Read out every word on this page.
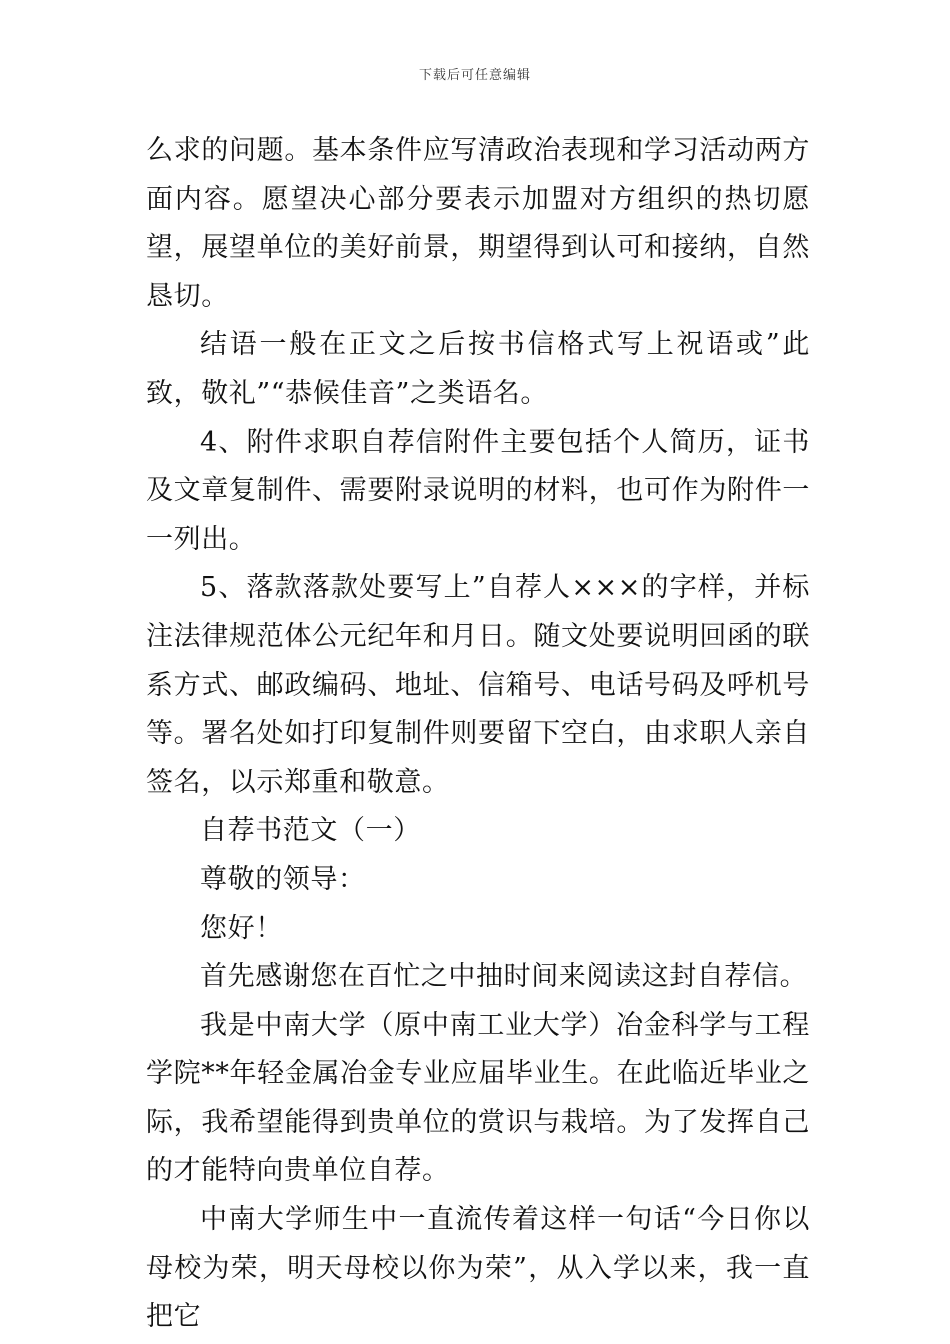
下载后可任意编辑

么求的问题。基本条件应写清政治表现和学习活动两方面内容。愿望决心部分要表示加盟对方组织的热切愿望，展望单位的美好前景，期望得到认可和接纳，自然恳切。

结语一般在正文之后按书信格式写上祝语或”此致，敬礼”“恭候佳音”之类语名。

4、附件求职自荐信附件主要包括个人简历，证书及文章复制件、需要附录说明的材料，也可作为附件一一列出。

5、落款落款处要写上”自荐人×××的字样，并标注法律规范体公元纪年和月日。随文处要说明回函的联系方式、邮政编码、地址、信箱号、电话号码及呼机号等。署名处如打印复制件则要留下空白，由求职人亲自签名，以示郑重和敬意。

自荐书范文（一）

尊敬的领导：

您好！

首先感谢您在百忙之中抽时间来阅读这封自荐信。

我是中南大学（原中南工业大学）冶金科学与工程学院**年轻金属冶金专业应届毕业生。在此临近毕业之际，我希望能得到贵单位的赏识与栽培。为了发挥自己的才能特向贵单位自荐。

中南大学师生中一直流传着这样一句话“今日你以母校为荣，明天母校以你为荣”，从入学以来，我一直把它
